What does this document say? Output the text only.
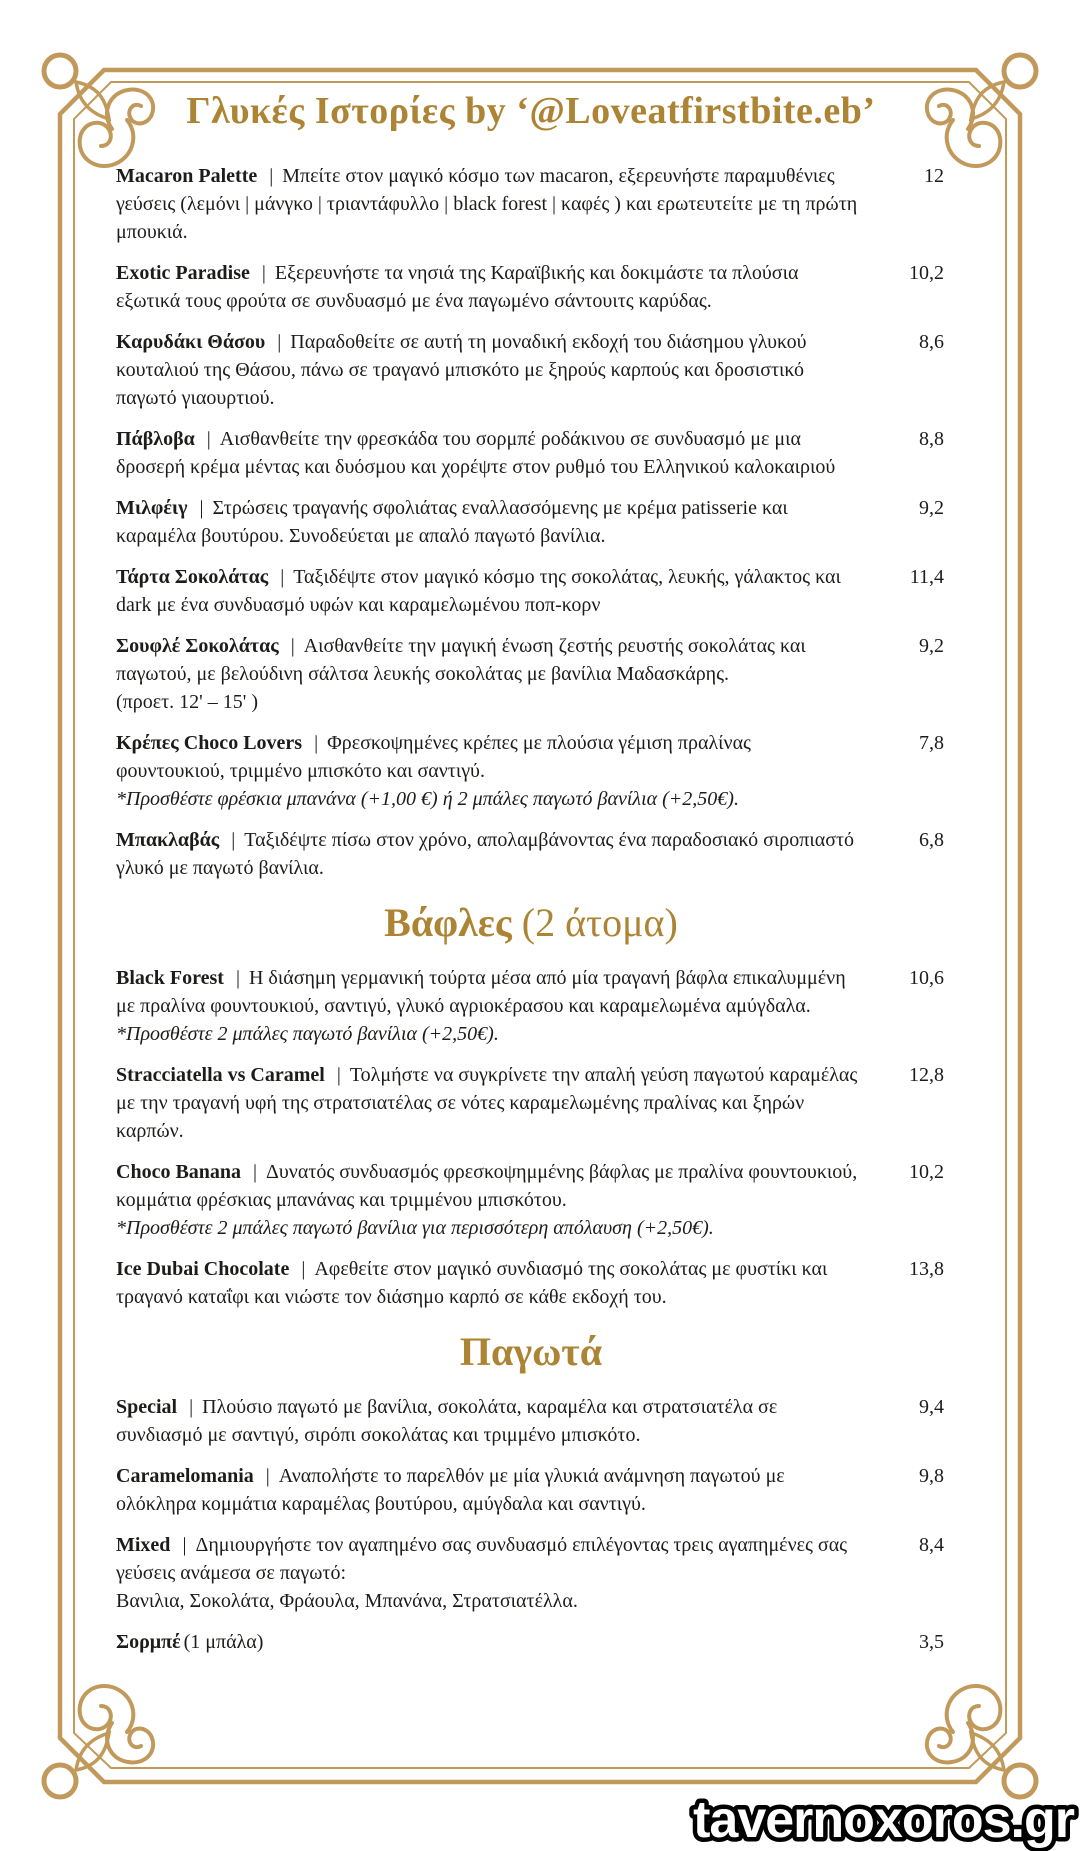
Γλυκές Ιστορίες by ‘@Loveatfirstbite.eb’
Macaron Palette | Μπείτε στον μαγικό κόσμο των macaron, εξερευνήστε παραμυθένιες γεύσεις (λεμόνι | μάνγκο | τριαντάφυλλο | black forest | καφές ) και ερωτευτείτε με τη πρώτη μπουκιά.
12
Exotic Paradise | Εξερευνήστε τα νησιά της Καραϊβικής και δοκιμάστε τα πλούσια εξωτικά τους φρούτα σε συνδυασμό με ένα παγωμένο σάντουιτς καρύδας.
10,2
Καρυδάκι Θάσου | Παραδοθείτε σε αυτή τη μοναδική εκδοχή του διάσημου γλυκού κουταλιού της Θάσου, πάνω σε τραγανό μπισκότο με ξηρούς καρπούς και δροσιστικό παγωτό γιαουρτιού.
8,6
Πάβλοβα | Αισθανθείτε την φρεσκάδα του σορμπέ ροδάκινου σε συνδυασμό με μια δροσερή κρέμα μέντας και δυόσμου και χορέψτε στον ρυθμό του Ελληνικού καλοκαιριού
8,8
Μιλφέιγ | Στρώσεις τραγανής σφολιάτας εναλλασσόμενης με κρέμα patisserie και καραμέλα βουτύρου. Συνοδεύεται με απαλό παγωτό βανίλια.
9,2
Τάρτα Σοκολάτας | Ταξιδέψτε στον μαγικό κόσμο της σοκολάτας, λευκής, γάλακτος και dark με ένα συνδυασμό υφών και καραμελωμένου ποπ-κορν
11,4
Σουφλέ Σοκολάτας | Αισθανθείτε την μαγική ένωση ζεστής ρευστής σοκολάτας και παγωτού, με βελούδινη σάλτσα λευκής σοκολάτας με βανίλια Μαδασκάρης.
(προετ. 12' – 15' )
9,2
Κρέπες Choco Lovers | Φρεσκοψημένες κρέπες με πλούσια γέμιση πραλίνας φουντουκιού, τριμμένο μπισκότο και σαντιγύ.
*Προσθέστε φρέσκια μπανάνα (+1,00 €) ή 2 μπάλες παγωτό βανίλια (+2,50€).
7,8
Μπακλαβάς | Ταξιδέψτε πίσω στον χρόνο, απολαμβάνοντας ένα παραδοσιακό σιροπιαστό γλυκό με παγωτό βανίλια.
6,8
Βάφλες (2 άτομα)
Black Forest | Η διάσημη γερμανική τούρτα μέσα από μία τραγανή βάφλα επικαλυμμένη με πραλίνα φουντουκιού, σαντιγύ, γλυκό αγριοκέρασου και καραμελωμένα αμύγδαλα. *Προσθέστε 2 μπάλες παγωτό βανίλια (+2,50€).
10,6
Stracciatella vs Caramel | Τολμήστε να συγκρίνετε την απαλή γεύση παγωτού καραμέλας με την τραγανή υφή της στρατσιατέλας σε νότες καραμελωμένης πραλίνας και ξηρών καρπών.
12,8
Choco Banana | Δυνατός συνδυασμός φρεσκοψημμένης βάφλας με πραλίνα φουντουκιού, κομμάτια φρέσκιας μπανάνας και τριμμένου μπισκότου.
*Προσθέστε 2 μπάλες παγωτό βανίλια για περισσότερη απόλαυση (+2,50€).
10,2
Ice Dubai Chocolate | Αφεθείτε στον μαγικό συνδιασμό της σοκολάτας με φυστίκι και τραγανό καταΐφι και νιώστε τον διάσημο καρπό σε κάθε εκδοχή του.
13,8
Παγωτά
Special | Πλούσιο παγωτό με βανίλια, σοκολάτα, καραμέλα και στρατσιατέλα σε συνδιασμό με σαντιγύ, σιρόπι σοκολάτας και τριμμένο μπισκότο.
9,4
Caramelomania | Αναπολήστε το παρελθόν με μία γλυκιά ανάμνηση παγωτού με ολόκληρα κομμάτια καραμέλας βουτύρου, αμύγδαλα και σαντιγύ.
9,8
Mixed | Δημιουργήστε τον αγαπημένο σας συνδυασμό επιλέγοντας τρεις αγαπημένες σας γεύσεις ανάμεσα σε παγωτό:
Βανιλια, Σοκολάτα, Φράουλα, Μπανάνα, Στρατσιατέλλα.
8,4
Σορμπέ (1 μπάλα)	3,5
tavernoxoros.gr
